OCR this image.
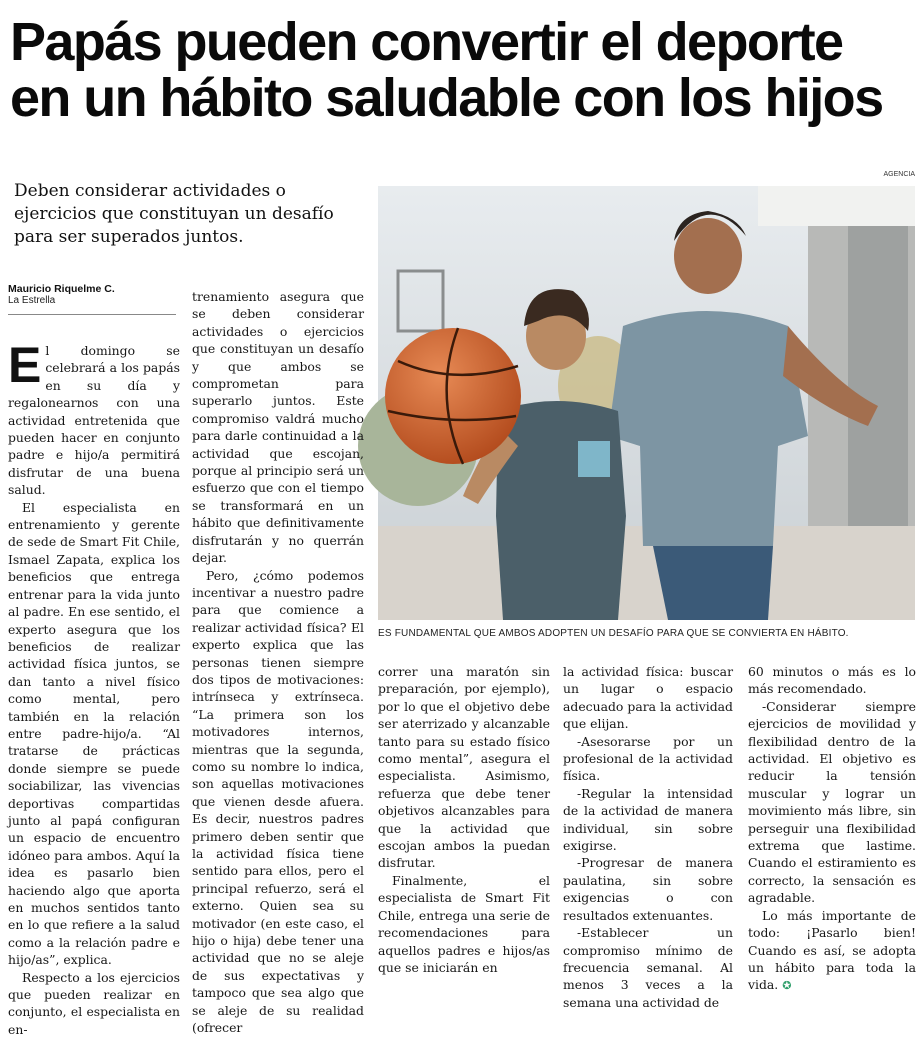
Papás pueden convertir el deporte
en un hábito saludable con los hijos
AGENCIA
Deben considerar actividades o ejercicios que constituyan un desafío para ser superados juntos.
Mauricio Riquelme C.
La Estrella
ES FUNDAMENTAL QUE AMBOS ADOPTEN UN DESAFÍO PARA QUE SE CONVIERTA EN HÁBITO.

El domingo se celebrará a los papás en su día y regalonearnos con una actividad entretenida que pueden hacer en conjunto padre e hijo/a permitirá disfrutar de una buena salud.

El especialista en entrenamiento y gerente de sede de Smart Fit Chile, Ismael Zapata, explica los beneficios que entrega entrenar para la vida junto al padre. En ese sentido, el experto asegura que los beneficios de realizar actividad física juntos, se dan tanto a nivel físico como mental, pero también en la relación entre padre-hijo/a. “Al tratarse de prácticas donde siempre se puede sociabilizar, las vivencias deportivas compartidas junto al papá configuran un espacio de encuentro idóneo para ambos. Aquí la idea es pasarlo bien haciendo algo que aporta en muchos sentidos tanto en lo que refiere a la salud como a la relación padre e hijo/as”, explica.

Respecto a los ejercicios que pueden realizar en conjunto, el especialista en en-

trenamiento asegura que se deben considerar actividades o ejercicios que constituyan un desafío y que ambos se comprometan para superarlo juntos. Este compromiso valdrá mucho para darle continuidad a la actividad que escojan, porque al principio será un esfuerzo que con el tiempo se transformará en un hábito que definitivamente disfrutarán y no querrán dejar.

Pero, ¿cómo podemos incentivar a nuestro padre para que comience a realizar actividad física? El experto explica que las personas tienen siempre dos tipos de motivaciones: intrínseca y extrínseca. “La primera son los motivadores internos, mientras que la segunda, como su nombre lo indica, son aquellas motivaciones que vienen desde afuera. Es decir, nuestros padres primero deben sentir que la actividad física tiene sentido para ellos, pero el principal refuerzo, será el externo. Quien sea su motivador (en este caso, el hijo o hija) debe tener una actividad que no se aleje de sus expectativas y tampoco que sea algo que se aleje de su realidad (ofrecer

correr una maratón sin preparación, por ejemplo), por lo que el objetivo debe ser aterrizado y alcanzable tanto para su estado físico como mental”, asegura el especialista. Asimismo, refuerza que debe tener objetivos alcanzables para que la actividad que escojan ambos la puedan disfrutar.

Finalmente, el especialista de Smart Fit Chile, entrega una serie de recomendaciones para aquellos padres e hijos/as que se iniciarán en

la actividad física: buscar un lugar o espacio adecuado para la actividad que elijan.

-Asesorarse por un profesional de la actividad física.

-Regular la intensidad de la actividad de manera individual, sin sobre exigirse.

-Progresar de manera paulatina, sin sobre exigencias o con resultados extenuantes.

-Establecer un compromiso mínimo de frecuencia semanal. Al menos 3 veces a la semana una actividad de

60 minutos o más es lo más recomendado.

-Considerar siempre ejercicios de movilidad y flexibilidad dentro de la actividad. El objetivo es reducir la tensión muscular y lograr un movimiento más libre, sin perseguir una flexibilidad extrema que lastime. Cuando el estiramiento es correcto, la sensación es agradable.

Lo más importante de todo: ¡Pasarlo bien! Cuando es así, se adopta un hábito para toda la vida. ✪
